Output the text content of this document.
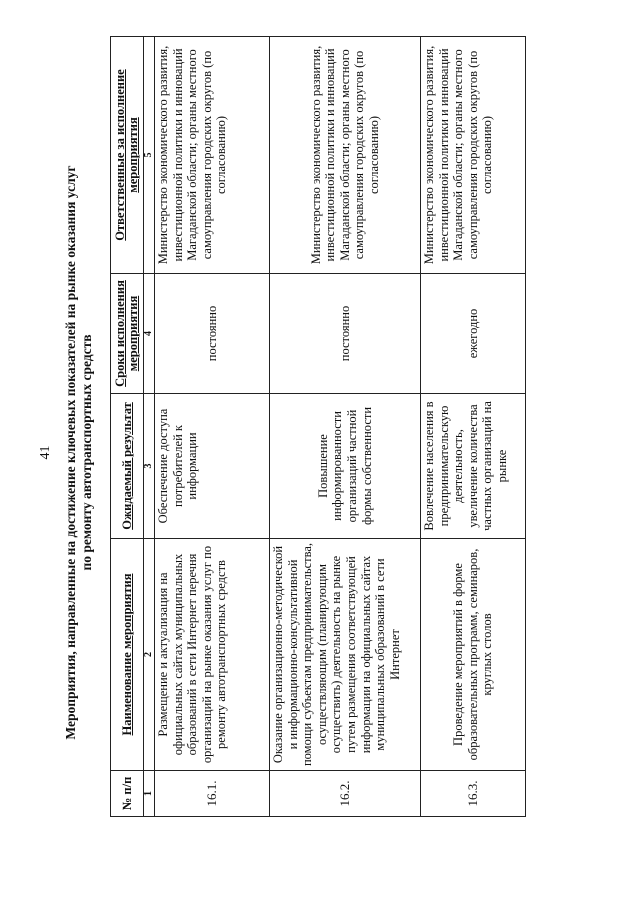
41 Мероприятия, направленные на достижение ключевых показателей на рынке оказания услуг по ремонту автотранспортных средств
№ п/п	Наименование мероприятия	Ожидаемый результат	Сроки исполнения мероприятия	Ответственные за исполнение мероприятия
1	2	3	4	5
16.1.	Размещение и актуализация на официальных сайтах муниципальных образований в сети Интернет перечня организаций на рынке оказания услуг по ремонту автотранспортных средств	Обеспечение доступа потребителей к информации	постоянно	Министерство экономического развития, инвестиционной политики и инноваций Магаданской области; органы местного самоуправления городских округов (по согласованию)
16.2.	Оказание организационно-методической и информационно-консультативной помощи субъектам предпринимательства, осуществляющим (планирующим осуществить) деятельность на рынке путем размещения соответствующей информации на официальных сайтах муниципальных образований в сети Интернет	Повышение информированности организаций частной формы собственности	постоянно	Министерство экономического развития, инвестиционной политики и инноваций Магаданской области; органы местного самоуправления городских округов (по согласованию)
16.3.	Проведение мероприятий в форме образовательных программ, семинаров, круглых столов	Вовлечение населения в предпринимательскую деятельность, увеличение количества частных организаций на рынке	ежегодно	Министерство экономического развития, инвестиционной политики и инноваций Магаданской области; органы местного самоуправления городских округов (по согласованию)
